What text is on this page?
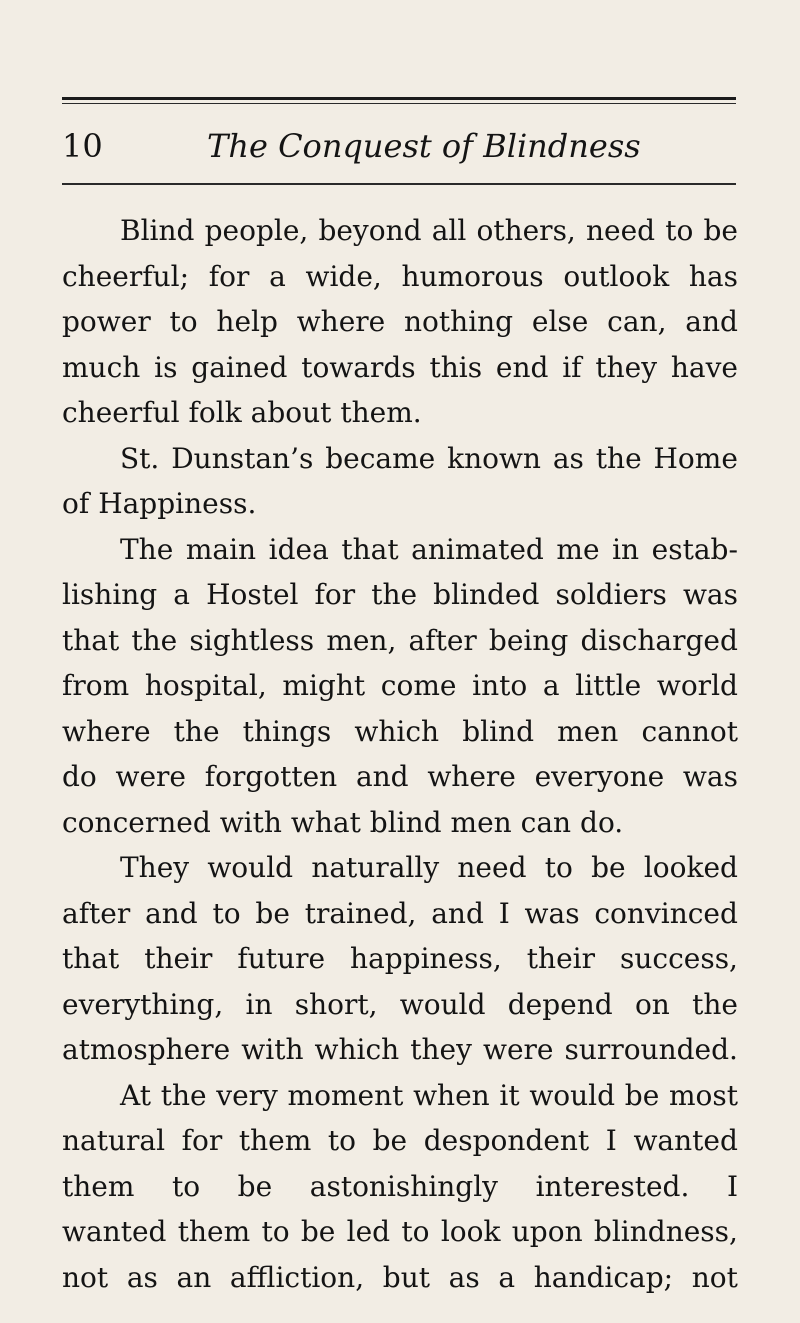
10	The Conquest of Blindness
Blind people, beyond all others, need to be
cheerful; for a wide, humorous outlook has
power to help where nothing else can, and
much is gained towards this end if they have
cheerful folk about them.
St. Dunstan’s became known as the Home
of Happiness.
The main idea that animated me in estab-
lishing a Hostel for the blinded soldiers was
that the sightless men, after being discharged
from hospital, might come into a little world
where the things which blind men cannot
do were forgotten and where everyone was
concerned with what blind men can do.
They would naturally need to be looked
after and to be trained, and I was convinced
that their future happiness, their success,
everything, in short, would depend on the
atmosphere with which they were surrounded.
At the very moment when it would be most
natural for them to be despondent I wanted
them to be astonishingly interested. I
wanted them to be led to look upon blindness,
not as an affliction, but as a handicap; not
